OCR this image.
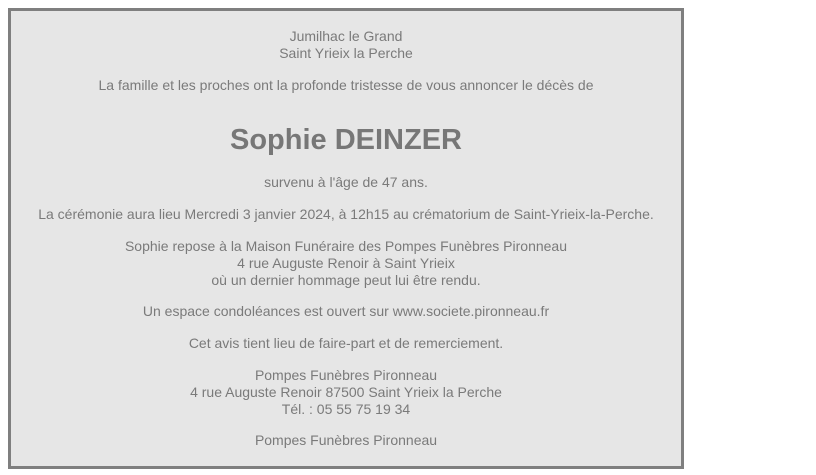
Jumilhac le Grand
Saint Yrieix la Perche
La famille et les proches ont la profonde tristesse de vous annoncer le décès de
Sophie DEINZER
survenu à l'âge de 47 ans.
La cérémonie aura lieu Mercredi 3 janvier 2024, à 12h15 au crématorium de Saint-Yrieix-la-Perche.
Sophie repose à la Maison Funéraire des Pompes Funèbres Pironneau
4 rue Auguste Renoir à Saint Yrieix
où un dernier hommage peut lui être rendu.
Un espace condoléances est ouvert sur www.societe.pironneau.fr
Cet avis tient lieu de faire-part et de remerciement.
Pompes Funèbres Pironneau
4 rue Auguste Renoir 87500 Saint Yrieix la Perche
Tél. : 05 55 75 19 34
Pompes Funèbres Pironneau
